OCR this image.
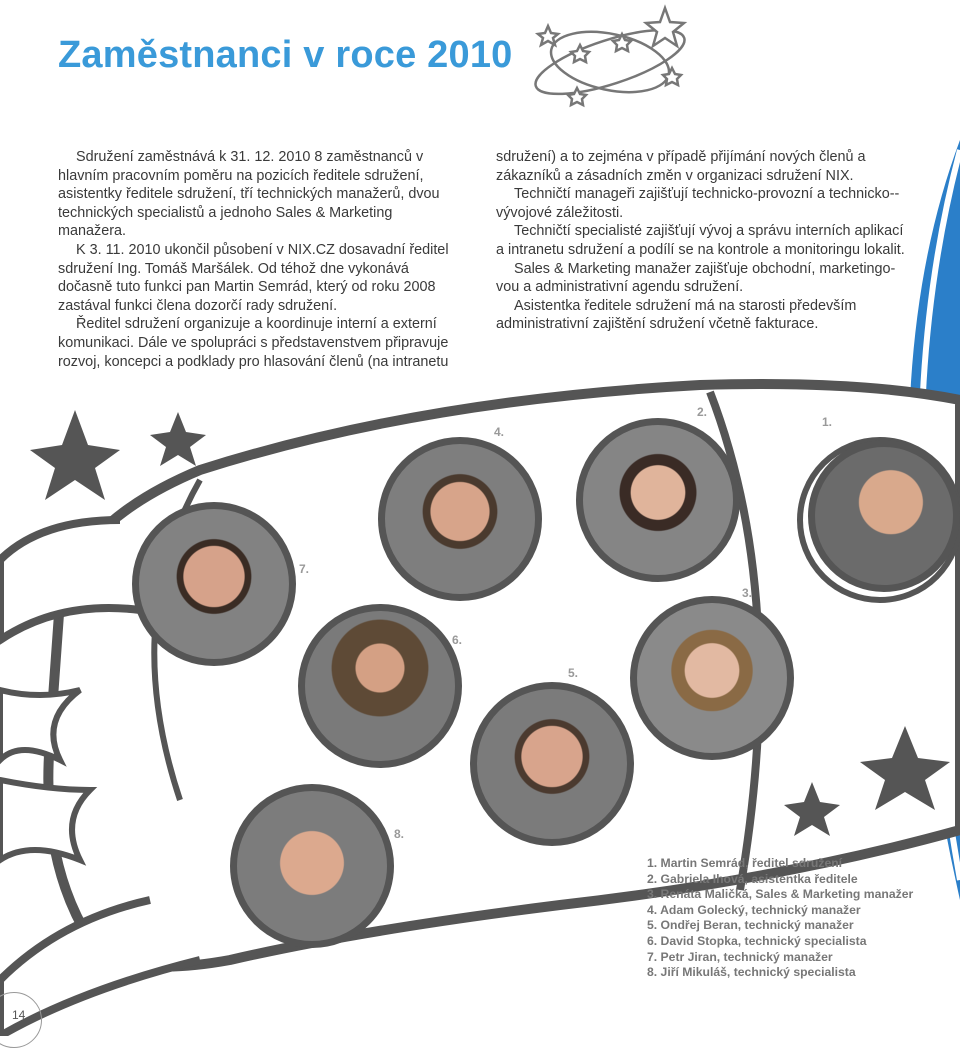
Zaměstnanci v roce 2010

Sdružení zaměstnává k 31. 12. 2010 8 zaměstnanců v hlavním pracovním poměru na pozicích ředitele sdružení, asistentky ředitele sdružení, tří technických manažerů, dvou technických specialistů a jednoho Sales & Marketing manažera.

K 3. 11. 2010 ukončil působení v NIX.CZ dosavadní ředitel sdružení Ing. Tomáš Maršálek. Od téhož dne vykonává dočasně tuto funkci pan Martin Semrád, který od roku 2008 zastával funkci člena dozorčí rady sdružení.

Ředitel sdružení organizuje a koordinuje interní a externí komunikaci. Dále ve spolupráci s představenstvem připravuje rozvoj, koncepci a podklady pro hlasování členů (na intranetu

sdružení) a to zejména v případě přijímání nových členů a zákazníků a zásadních změn v organizaci sdružení NIX.

Techničtí manageři zajišťují technicko-provozní a technicko--vývojové záležitosti.

Techničtí specialisté zajišťují vývoj a správu interních aplikací a intranetu sdružení a podílí se na kontrole a monitoringu lokalit.

Sales & Marketing manažer zajišťuje obchodní, marketingo-vou a administrativní agendu sdružení.

Asistentka ředitele sdružení má na starosti především administrativní zajištění sdružení včetně fakturace.

1.
2.
3.
4.
5.
6.
7.
8.
1. Martin Semrád, ředitel sdružení
2. Gabriela Ihová, asistentka ředitele
3. Renáta Maličká, Sales & Marketing manažer
4. Adam Golecký, technický manažer
5. Ondřej Beran, technický manažer
6. David Stopka, technický specialista
7. Petr Jiran, technický manažer
8. Jiří Mikuláš, technický specialista
14
